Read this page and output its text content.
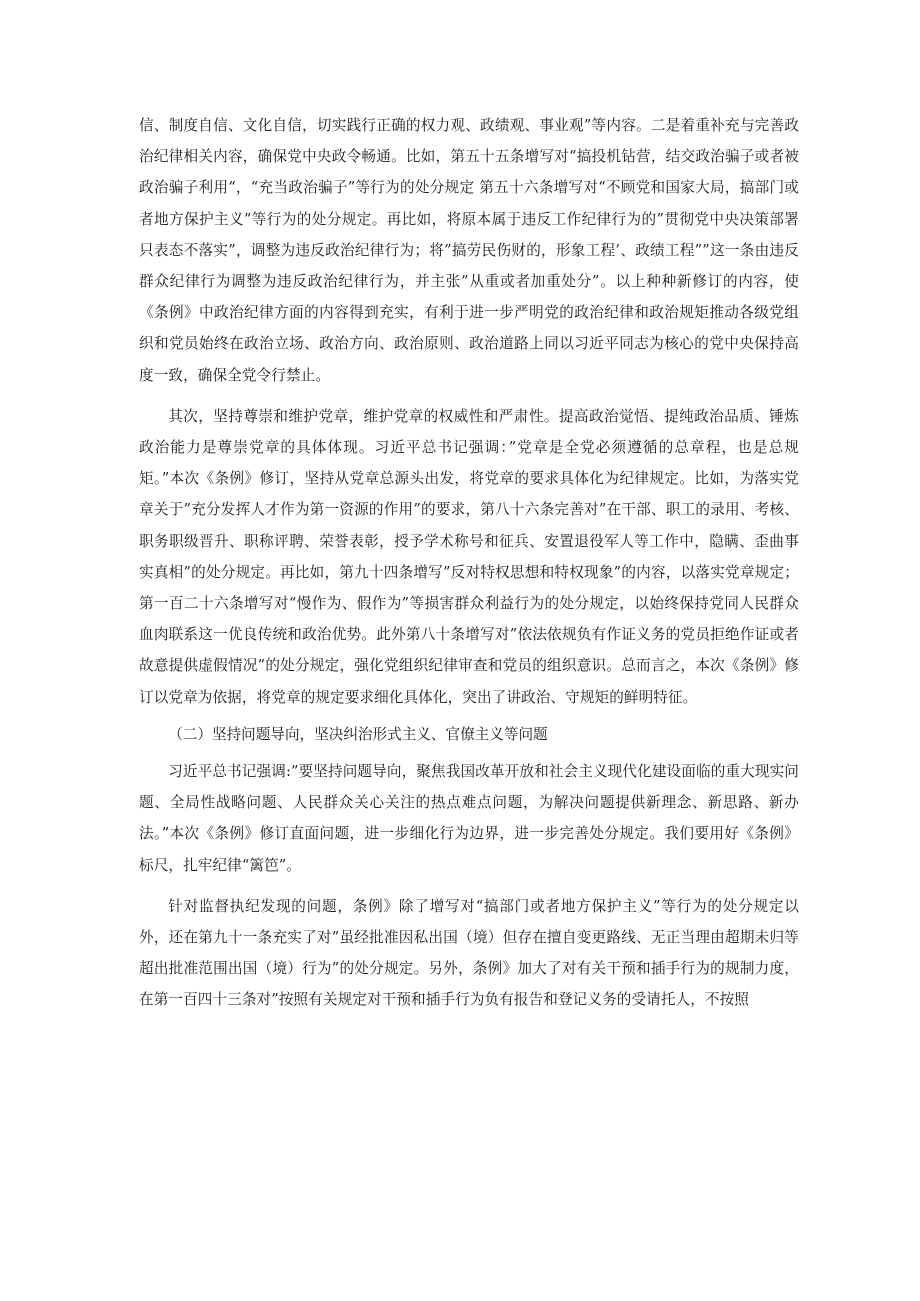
信、制度自信、文化自信，切实践行正确的权力观、政绩观、事业观”等内容。二是着重补充与完善政治纪律相关内容，确保党中央政令畅通。比如，第五十五条增写对“搞投机钻营，结交政治骗子或者被政治骗子利用“，“充当政治骗子”等行为的处分规定 第五十六条增写对“不顾党和国家大局，搞部门或者地方保护主义”等行为的处分规定。再比如，将原本属于违反工作纪律行为的”贯彻党中央决策部署只表态不落实”，调整为违反政治纪律行为；将”搞劳民伤财的，形象工程’、政绩工程””这一条由违反群众纪律行为调整为违反政治纪律行为，并主张”从重或者加重处分”。以上种种新修订的内容，使《条例》中政治纪律方面的内容得到充实，有利于进一步严明党的政治纪律和政治规矩推动各级党组织和党员始终在政治立场、政治方向、政治原则、政治道路上同以习近平同志为核心的党中央保持高度一致，确保全党令行禁止。

其次，坚持尊崇和维护党章，维护党章的权威性和严肃性。提高政治觉悟、提纯政治品质、锤炼政治能力是尊崇党章的具体体现。习近平总书记强调：”党章是全党必须遵循的总章程，也是总规矩。”本次《条例》修订，坚持从党章总源头出发，将党章的要求具体化为纪律规定。比如，为落实党章关于”充分发挥人才作为第一资源的作用”的要求，第八十六条完善对”在干部、职工的录用、考核、职务职级晋升、职称评聘、荣誉表彰，授予学术称号和征兵、安置退役军人等工作中，隐瞒、歪曲事实真相”的处分规定。再比如，第九十四条增写”反对特权思想和特权现象”的内容，以落实党章规定；第一百二十六条增写对“慢作为、假作为”等损害群众利益行为的处分规定，以始终保持党同人民群众血肉联系这一优良传统和政治优势。此外第八十条增写对”依法依规负有作证义务的党员拒绝作证或者故意提供虚假情况”的处分规定，强化党组织纪律审查和党员的组织意识。总而言之，本次《条例》修订以党章为依据，将党章的规定要求细化具体化，突出了讲政治、守规矩的鲜明特征。

（二）坚持问题导向，坚决纠治形式主义、官僚主义等问题

习近平总书记强调:”要坚持问题导向，聚焦我国改革开放和社会主义现代化建设面临的重大现实问题、全局性战略问题、人民群众关心关注的热点难点问题，为解决问题提供新理念、新思路、新办法。”本次《条例》修订直面问题，进一步细化行为边界，进一步完善处分规定。我们要用好《条例》标尺，扎牢纪律“篱笆”。

针对监督执纪发现的问题，条例》除了增写对“搞部门或者地方保护主义”等行为的处分规定以外，还在第九十一条充实了对”虽经批准因私出国（境）但存在擅自变更路线、无正当理由超期未归等超出批准范围出国（境）行为”的处分规定。另外，条例》加大了对有关干预和插手行为的规制力度，在第一百四十三条对”按照有关规定对干预和插手行为负有报告和登记义务的受请托人，不按照
